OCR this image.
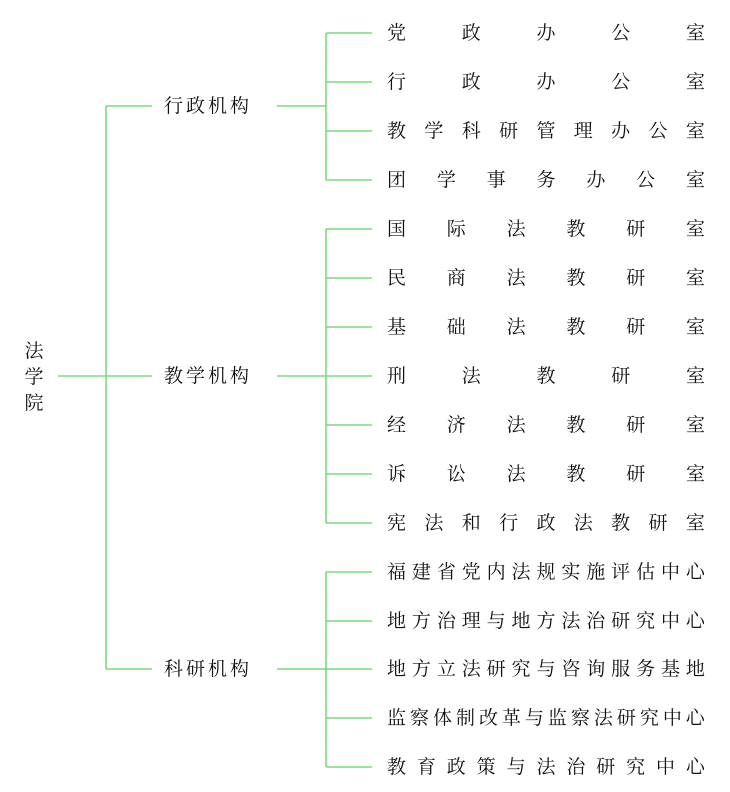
法
学
院
行政机构
教学机构
科研机构
党	政	办	公	室
行	政	办	公	室
教 学 科 研 管 理 办 公 室
团 学 事 务 办 公 室
国 际 法 教 研 室
民 商 法 教 研 室
基 础 法 教 研 室
刑	法	教	研	室
经 济 法 教 研 室
诉 讼 法 教 研 室
宪 法 和 行 政 法 教 研 室
福 建 省 党 内 法 规 实 施 评 估 中 心
地 方 治 理 与 地 方 法 治 研 究 中 心
地 方 立 法 研 究 与 咨 询 服 务 基 地
监 察 体 制 改 革 与 监 察 法 研 究 中 心
教 育 政 策 与 法 治 研 究 中 心
